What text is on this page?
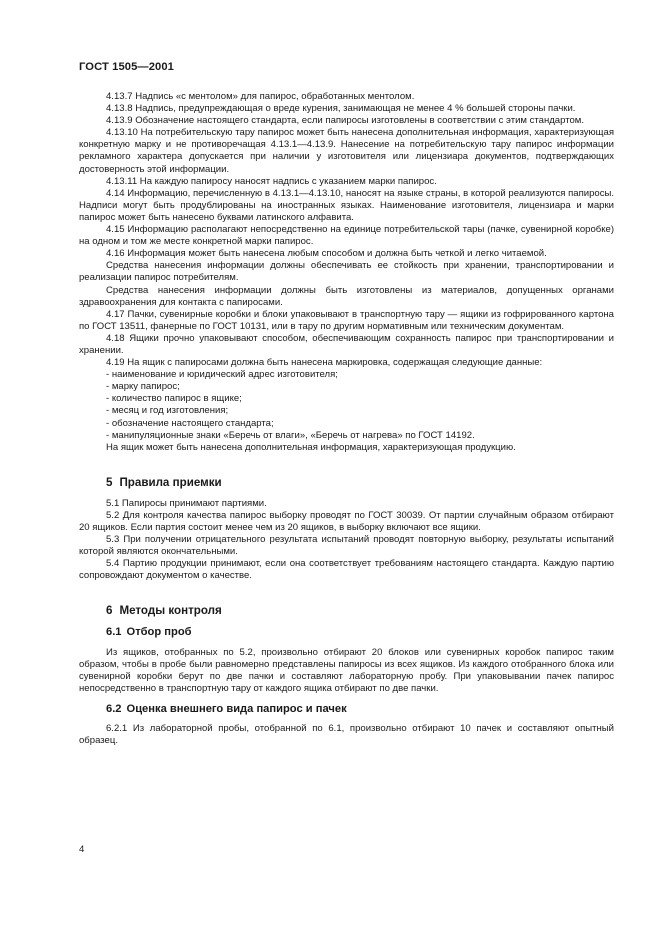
ГОСТ 1505—2001

4.13.7 Надпись «с ментолом» для папирос, обработанных ментолом.

4.13.8 Надпись, предупреждающая о вреде курения, занимающая не менее 4 % большей стороны пачки.

4.13.9 Обозначение настоящего стандарта, если папиросы изготовлены в соответствии с этим стандартом.

4.13.10 На потребительскую тару папирос может быть нанесена дополнительная информация, характеризующая конкретную марку и не противоречащая 4.13.1—4.13.9. Нанесение на потребительскую тару папирос информации рекламного характера допускается при наличии у изготовителя или лицензиара документов, подтверждающих достоверность этой информации.

4.13.11 На каждую папиросу наносят надпись с указанием марки папирос.

4.14 Информацию, перечисленную в 4.13.1—4.13.10, наносят на языке страны, в которой реализуются папиросы. Надписи могут быть продублированы на иностранных языках. Наименование изготовителя, лицензиара и марки папирос может быть нанесено буквами латинского алфавита.

4.15 Информацию располагают непосредственно на единице потребительской тары (пачке, сувенирной коробке) на одном и том же месте конкретной марки папирос.

4.16 Информация может быть нанесена любым способом и должна быть четкой и легко читаемой.

Средства нанесения информации должны обеспечивать ее стойкость при хранении, транспортировании и реализации папирос потребителям.

Средства нанесения информации должны быть изготовлены из материалов, допущенных органами здравоохранения для контакта с папиросами.

4.17 Пачки, сувенирные коробки и блоки упаковывают в транспортную тару — ящики из гофрированного картона по ГОСТ 13511, фанерные по ГОСТ 10131, или в тару по другим нормативным или техническим документам.

4.18 Ящики прочно упаковывают способом, обеспечивающим сохранность папирос при транспортировании и хранении.

4.19 На ящик с папиросами должна быть нанесена маркировка, содержащая следующие данные:

- наименование и юридический адрес изготовителя;

- марку папирос;

- количество папирос в ящике;

- месяц и год изготовления;

- обозначение настоящего стандарта;

- манипуляционные знаки «Беречь от влаги», «Беречь от нагрева» по ГОСТ 14192.

На ящик может быть нанесена дополнительная информация, характеризующая продукцию.

5 Правила приемки

5.1 Папиросы принимают партиями.

5.2 Для контроля качества папирос выборку проводят по ГОСТ 30039. От партии случайным образом отбирают 20 ящиков. Если партия состоит менее чем из 20 ящиков, в выборку включают все ящики.

5.3 При получении отрицательного результата испытаний проводят повторную выборку, результаты испытаний которой являются окончательными.

5.4 Партию продукции принимают, если она соответствует требованиям настоящего стандарта. Каждую партию сопровождают документом о качестве.

6 Методы контроля
6.1 Отбор проб

Из ящиков, отобранных по 5.2, произвольно отбирают 20 блоков или сувенирных коробок папирос таким образом, чтобы в пробе были равномерно представлены папиросы из всех ящиков. Из каждого отобранного блока или сувенирной коробки берут по две пачки и составляют лабораторную пробу. При упаковывании пачек папирос непосредственно в транспортную тару от каждого ящика отбирают по две пачки.

6.2 Оценка внешнего вида папирос и пачек

6.2.1 Из лабораторной пробы, отобранной по 6.1, произвольно отбирают 10 пачек и составляют опытный образец.

4
